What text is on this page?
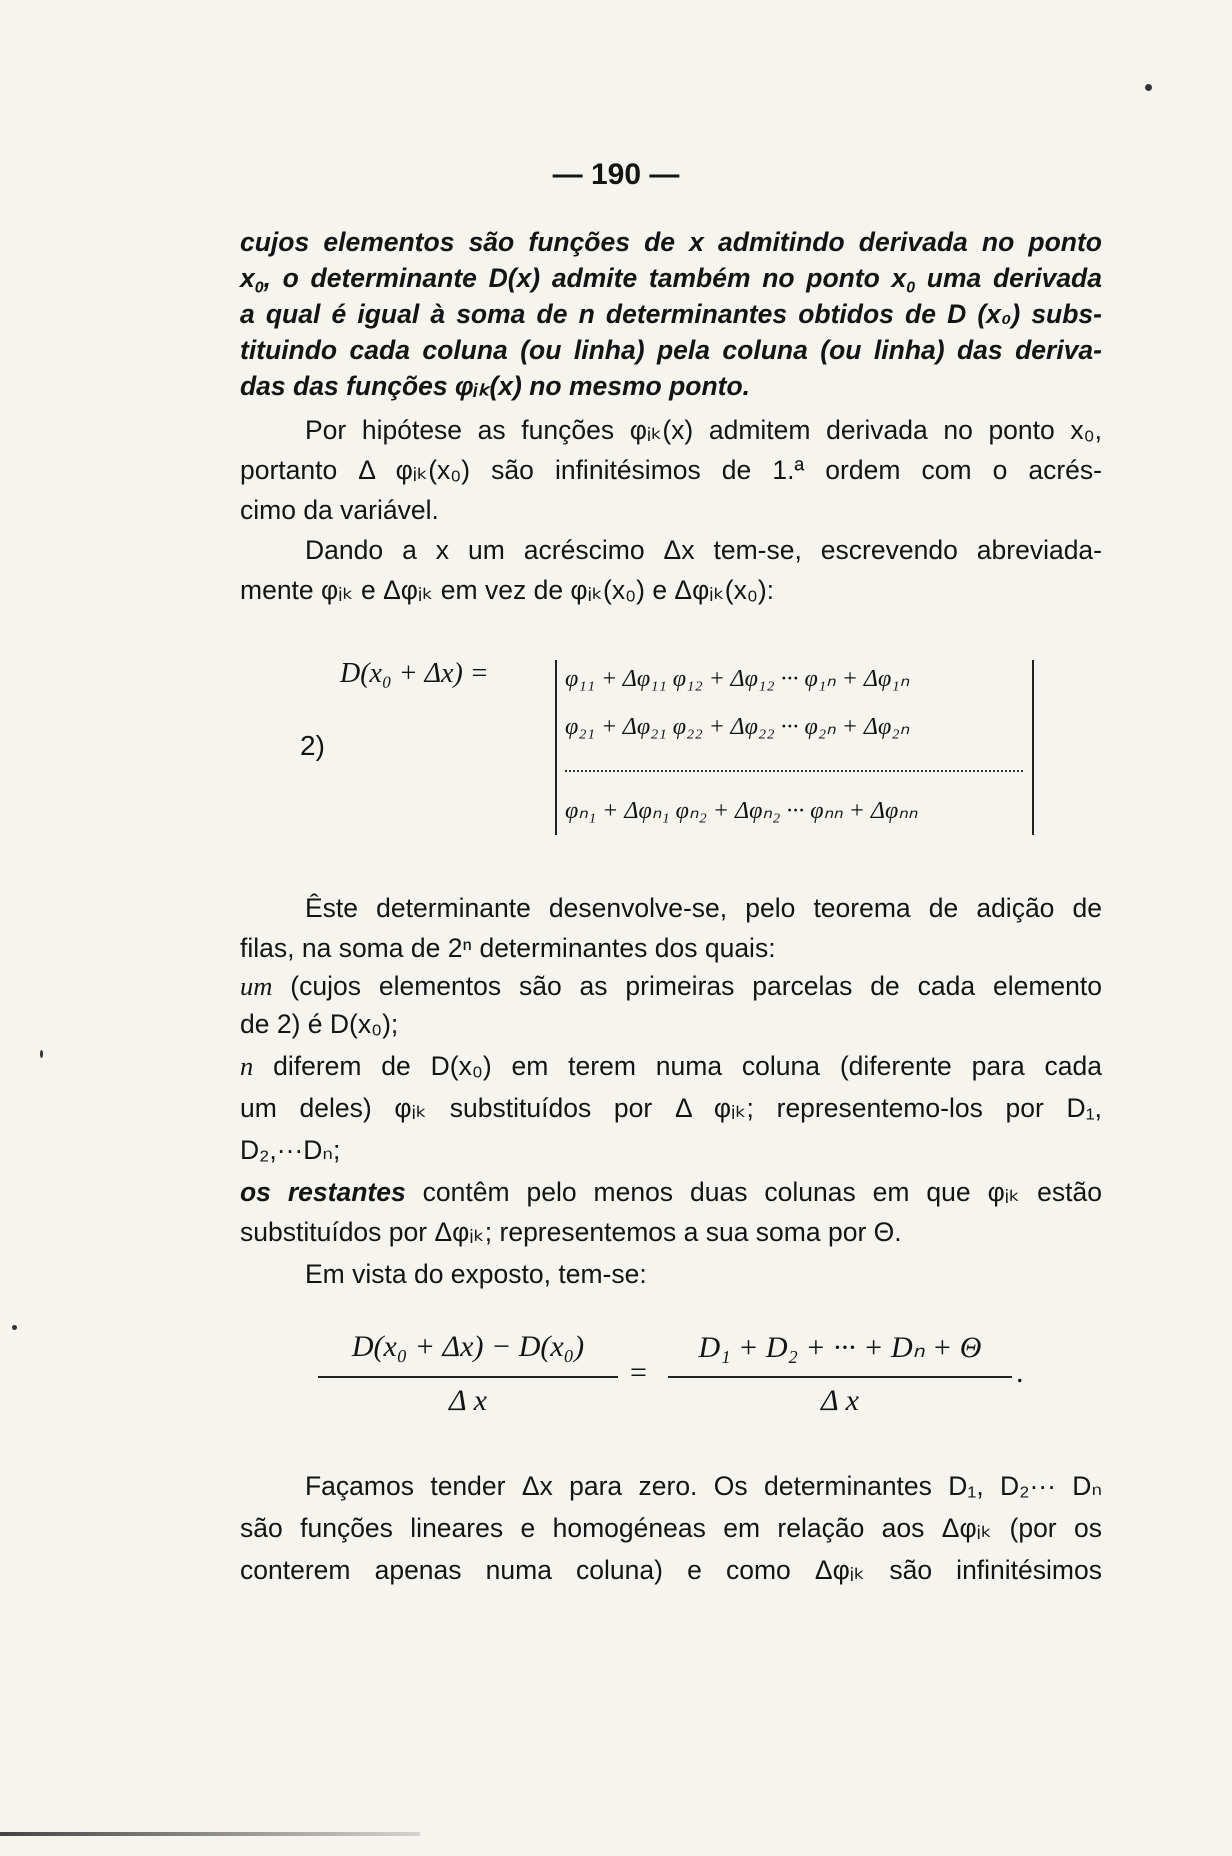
— 190 —
cujos elementos são funções de x admitindo derivada no ponto
$x_0$, o determinante D(x) admite também no ponto $x_0$ uma derivada
a qual é igual à soma de n determinantes obtidos de D (x₀) subs-
tituindo cada coluna (ou linha) pela coluna (ou linha) das deriva-
das das funções φᵢₖ(x) no mesmo ponto.
Por hipótese as funções φᵢₖ(x) admitem derivada no ponto x₀,
portanto Δ φᵢₖ(x₀) são infinitésimos de 1.ª ordem com o acrés-
cimo da variável.
Dando a x um acréscimo Δx tem-se, escrevendo abreviada-
mente φᵢₖ e Δφᵢₖ em vez de φᵢₖ(x₀) e Δφᵢₖ(x₀):
2)
D(x₀ + Δx) =	φ₁₁ + Δφ₁₁ φ₁₂ + Δφ₁₂ ··· φ₁ₙ + Δφ₁ₙ
φ₂₁ + Δφ₂₁ φ₂₂ + Δφ₂₂ ··· φ₂ₙ + Δφ₂ₙ
φₙ₁ + Δφₙ₁ φₙ₂ + Δφₙ₂ ··· φₙₙ + Δφₙₙ
Êste determinante desenvolve-se, pelo teorema de adição de
filas, na soma de 2ⁿ determinantes dos quais:
um (cujos elementos são as primeiras parcelas de cada elemento
de 2) é D(x₀);
n diferem de D(x₀) em terem numa coluna (diferente para cada
um deles) φᵢₖ substituídos por Δ φᵢₖ; representemo-los por D₁,
D₂,···Dₙ;
os restantes contêm pelo menos duas colunas em que φᵢₖ estão
substituídos por Δφᵢₖ; representemos a sua soma por Θ.
Em vista do exposto, tem-se:
D(x₀ + Δx) − D(x₀)
Δ x
=
D₁ + D₂ + ··· + Dₙ + Θ
Δ x
.
Façamos tender Δx para zero. Os determinantes D₁, D₂··· Dₙ
são funções lineares e homogéneas em relação aos Δφᵢₖ (por os
conterem apenas numa coluna) e como Δφᵢₖ são infinitésimos
